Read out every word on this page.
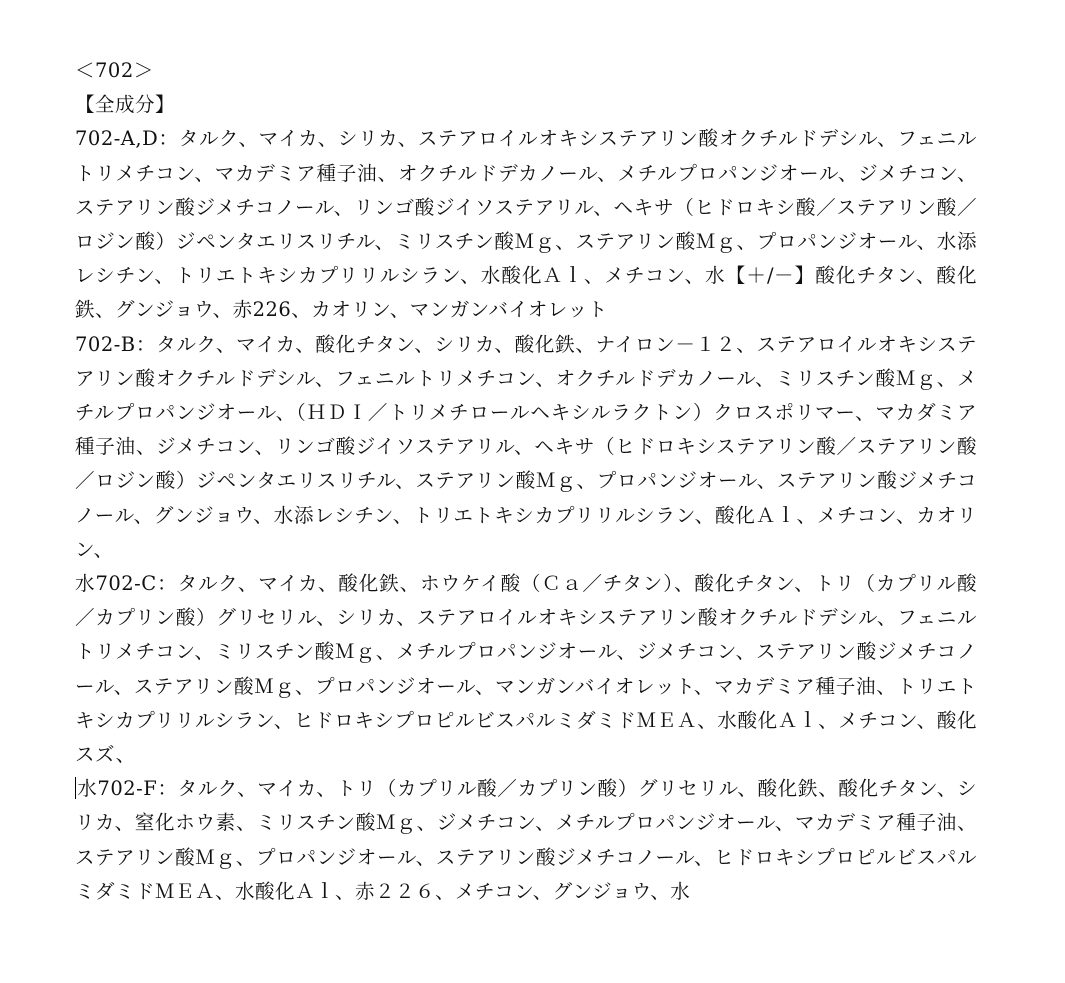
＜702＞

【全成分】

702-A,D：タルク、マイカ、シリカ、ステアロイルオキシステアリン酸オクチルドデシル、フェニルトリメチコン、マカデミア種子油、オクチルドデカノール、メチルプロパンジオール、ジメチコン、ステアリン酸ジメチコノール、リンゴ酸ジイソステアリル、ヘキサ（ヒドロキシ酸／ステアリン酸／ロジン酸）ジペンタエリスリチル、ミリスチン酸Ｍｇ、ステアリン酸Ｍｇ、プロパンジオール、水添レシチン、トリエトキシカプリリルシラン、水酸化Ａｌ、メチコン、水【＋/－】酸化チタン、酸化鉄、グンジョウ、赤226、カオリン、マンガンバイオレット

702-B：タルク、マイカ、酸化チタン、シリカ、酸化鉄、ナイロン－１２、ステアロイルオキシステアリン酸オクチルドデシル、フェニルトリメチコン、オクチルドデカノール、ミリスチン酸Ｍｇ、メチルプロパンジオール、（ＨＤＩ／トリメチロールヘキシルラクトン）クロスポリマー、マカダミア種子油、ジメチコン、リンゴ酸ジイソステアリル、ヘキサ（ヒドロキシステアリン酸／ステアリン酸／ロジン酸）ジペンタエリスリチル、ステアリン酸Ｍｇ、プロパンジオール、ステアリン酸ジメチコノール、グンジョウ、水添レシチン、トリエトキシカプリリルシラン、酸化Ａｌ、メチコン、カオリン、

水702-C：タルク、マイカ、酸化鉄、ホウケイ酸（Ｃａ／チタン）、酸化チタン、トリ（カプリル酸／カプリン酸）グリセリル、シリカ、ステアロイルオキシステアリン酸オクチルドデシル、フェニルトリメチコン、ミリスチン酸Ｍｇ、メチルプロパンジオール、ジメチコン、ステアリン酸ジメチコノール、ステアリン酸Ｍｇ、プロパンジオール、マンガンバイオレット、マカデミア種子油、トリエトキシカプリリルシラン、ヒドロキシプロピルビスパルミダミドＭＥＡ、水酸化Ａｌ、メチコン、酸化スズ、

水702-F：タルク、マイカ、トリ（カプリル酸／カプリン酸）グリセリル、酸化鉄、酸化チタン、シリカ、窒化ホウ素、ミリスチン酸Ｍｇ、ジメチコン、メチルプロパンジオール、マカデミア種子油、ステアリン酸Ｍｇ、プロパンジオール、ステアリン酸ジメチコノール、ヒドロキシプロピルビスパルミダミドＭＥＡ、水酸化Ａｌ、赤２２６、メチコン、グンジョウ、水
